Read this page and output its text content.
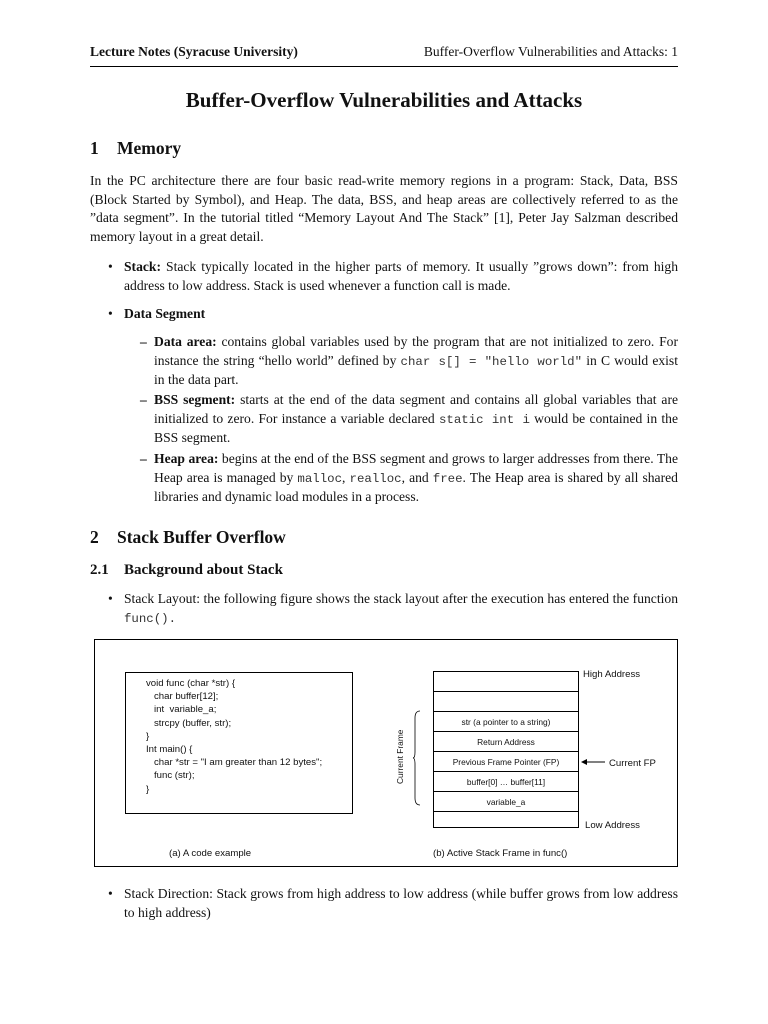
Lecture Notes (Syracuse University)	Buffer-Overflow Vulnerabilities and Attacks: 1
Buffer-Overflow Vulnerabilities and Attacks
1 Memory
In the PC architecture there are four basic read-write memory regions in a program: Stack, Data, BSS (Block Started by Symbol), and Heap. The data, BSS, and heap areas are collectively referred to as the ”data segment”. In the tutorial titled “Memory Layout And The Stack” [1], Peter Jay Salzman described memory layout in a great detail.
• Stack: Stack typically located in the higher parts of memory. It usually ”grows down”: from high address to low address. Stack is used whenever a function call is made.
• Data Segment
– Data area: contains global variables used by the program that are not initialized to zero. For instance the string “hello world” defined by char s[] = "hello world" in C would exist in the data part.
– BSS segment: starts at the end of the data segment and contains all global variables that are initialized to zero. For instance a variable declared static int i would be contained in the BSS segment.
– Heap area: begins at the end of the BSS segment and grows to larger addresses from there. The Heap area is managed by malloc, realloc, and free. The Heap area is shared by all shared libraries and dynamic load modules in a process.
2 Stack Buffer Overflow
2.1 Background about Stack
• Stack Layout: the following figure shows the stack layout after the execution has entered the function func().
void func (char *str) {
char buffer[12];
int  variable_a;
strcpy (buffer, str);
}
Int main() {
char *str = "I am greater than 12 bytes";
func (str);
}
(a) A code example
str (a pointer to a string)
Return Address
Previous Frame Pointer (FP)
buffer[0] … buffer[11]
variable_a
High Address
Low Address
Current FP
Current Frame
(b) Active Stack Frame in func()
• Stack Direction: Stack grows from high address to low address (while buffer grows from low address to high address)
